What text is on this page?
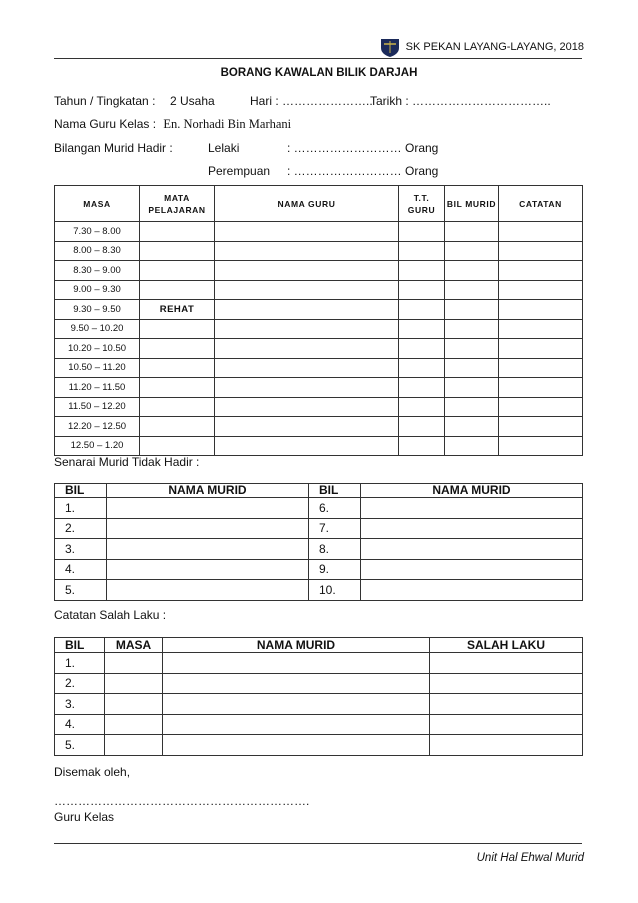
SK PEKAN LAYANG-LAYANG, 2018
BORANG KAWALAN BILIK DARJAH
Tahun / Tingkatan : 2 Usaha	Hari : …………………..
Tarikh : ……………………………..
Nama Guru Kelas : En. Norhadi Bin Marhani
Bilangan Murid Hadir :	Lelaki	: ……………………… Orang
Perempuan : ……………………… Orang
MASA	MATA PELAJARAN	NAMA GURU	T.T. GURU	BIL MURID	CATATAN
7.30 – 8.00					
8.00 – 8.30					
8.30 – 9.00					
9.00 – 9.30					
9.30 – 9.50	REHAT				
9.50 – 10.20					
10.20 – 10.50					
10.50 – 11.20					
11.20 – 11.50					
11.50 – 12.20					
12.20 – 12.50					
12.50 – 1.20					
Senarai Murid Tidak Hadir :
BIL	NAMA MURID	BIL	NAMA MURID
1.		6.	
2.		7.	
3.		8.	
4.		9.	
5.		10.	
Catatan Salah Laku :
BIL	MASA	NAMA MURID	SALAH LAKU
1.			
2.			
3.			
4.			
5.			
Disemak oleh,
……………………………………………………….
Guru Kelas
Unit Hal Ehwal Murid
